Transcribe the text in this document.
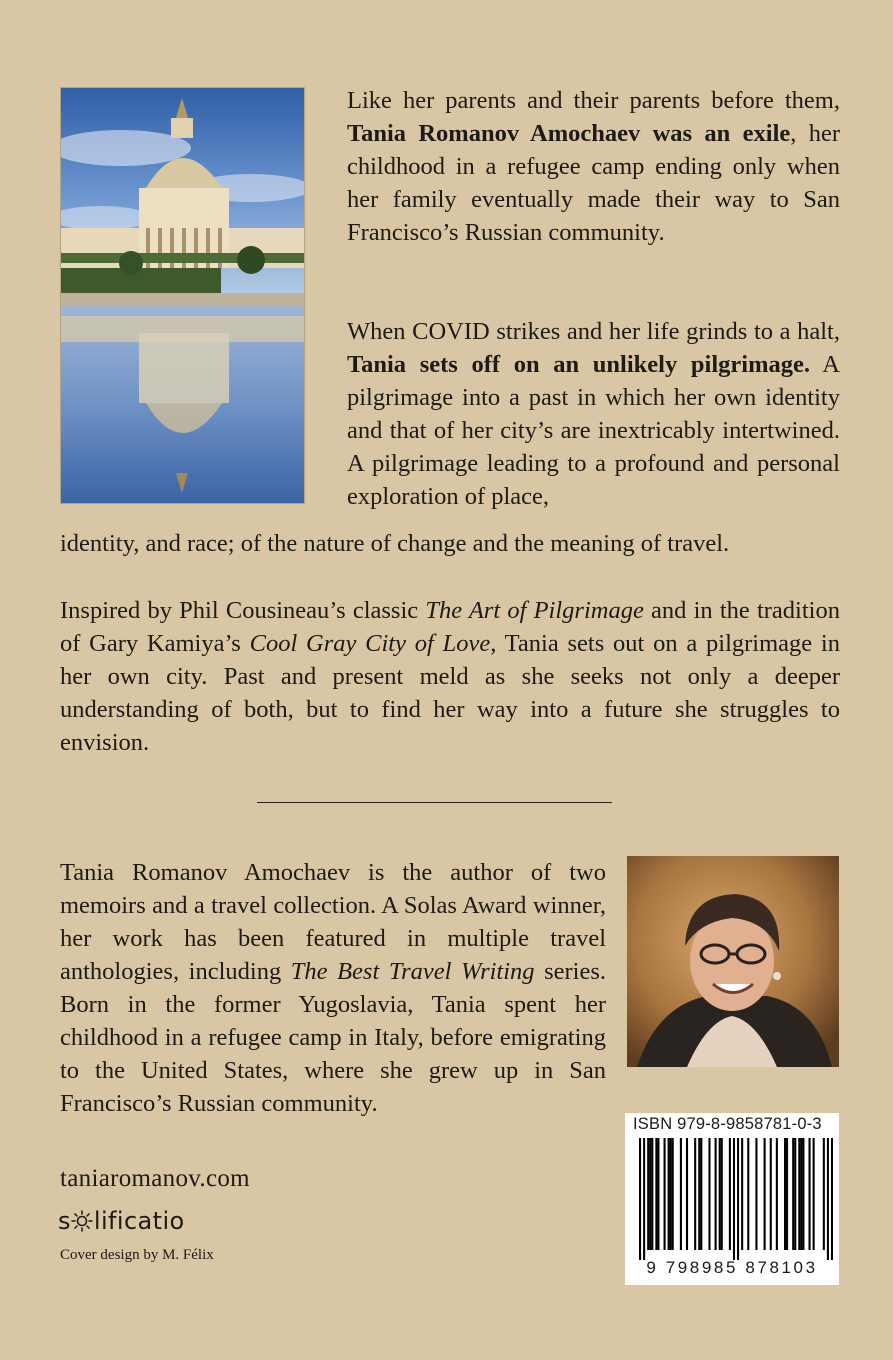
Like her parents and their parents before them, Tania Romanov Amochaev was an exile, her childhood in a refugee camp ending only when her family eventually made their way to San Francisco’s Russian community.

When COVID strikes and her life grinds to a halt, Tania sets off on an unlikely pilgrimage. A pilgrimage into a past in which her own identity and that of her city’s are inextricably intertwined. A pilgrimage leading to a profound and personal exploration of place,

identity, and race; of the nature of change and the meaning of travel.

Inspired by Phil Cousineau’s classic The Art of Pilgrimage and in the tradition of Gary Kamiya’s Cool Gray City of Love, Tania sets out on a pilgrimage in her own city. Past and present meld as she seeks not only a deeper understanding of both, but to find her way into a future she struggles to envision.

Tania Romanov Amochaev is the author of two memoirs and a travel collection. A Solas Award winner, her work has been featured in multiple travel anthologies, including The Best Travel Writing series. Born in the former Yugoslavia, Tania spent her childhood in a refugee camp in Italy, before emigrating to the United States, where she grew up in San Francisco’s Russian community.

taniaromanov.com

s lificatio

Cover design by M. Félix

ISBN 979-8-9858781-0-3

9 798985 878103
